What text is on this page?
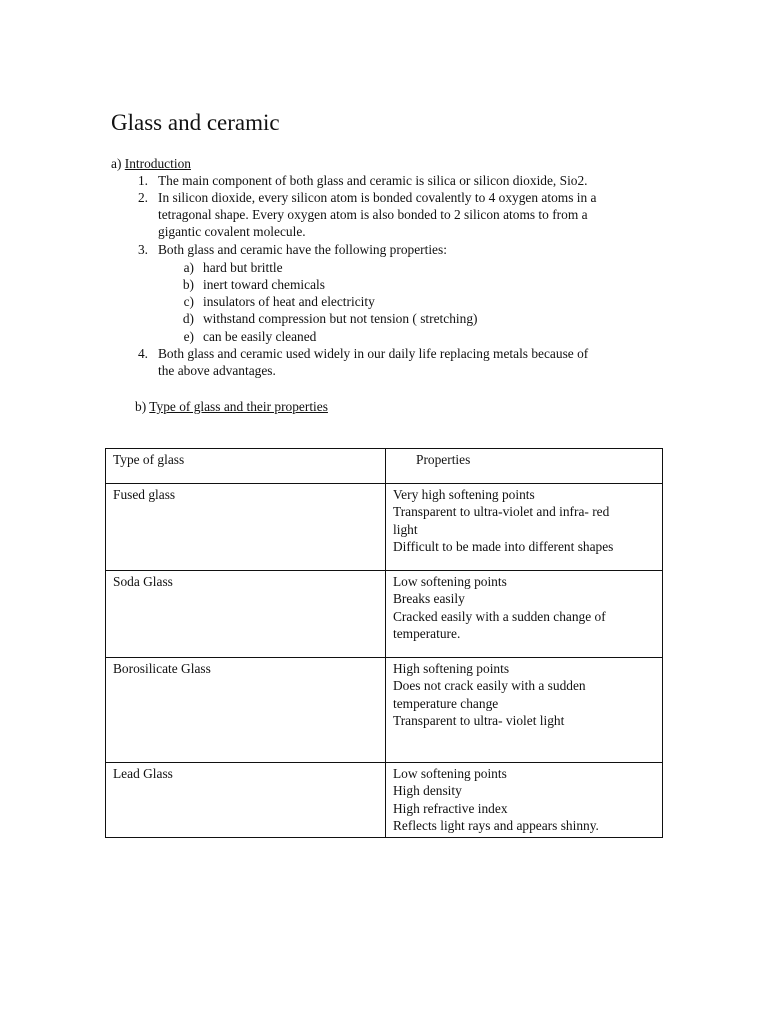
Glass and ceramic
a) Introduction
1. The main component of both glass and ceramic is silica or silicon dioxide, Sio2.
2. In silicon dioxide, every silicon atom is bonded covalently to 4 oxygen atoms in a
tetragonal shape. Every oxygen atom is also bonded to 2 silicon atoms to from a
gigantic covalent molecule.
3. Both glass and ceramic have the following properties:
a) hard but brittle
b) inert toward chemicals
c) insulators of heat and electricity
d) withstand compression but not tension ( stretching)
e) can be easily cleaned
4. Both glass and ceramic used widely in our daily life replacing metals because of
the above advantages.
b) Type of glass and their properties
Type of glass	Properties
Fused glass	Very high softening points
Transparent to ultra-violet and infra- red
light
Difficult to be made into different shapes

Soda Glass	Low softening points
Breaks easily
Cracked easily with a sudden change of
temperature.

Borosilicate Glass	High softening points
Does not crack easily with a sudden
temperature change
Transparent to ultra- violet light

Lead Glass	Low softening points
High density
High refractive index
Reflects light rays and appears shinny.
